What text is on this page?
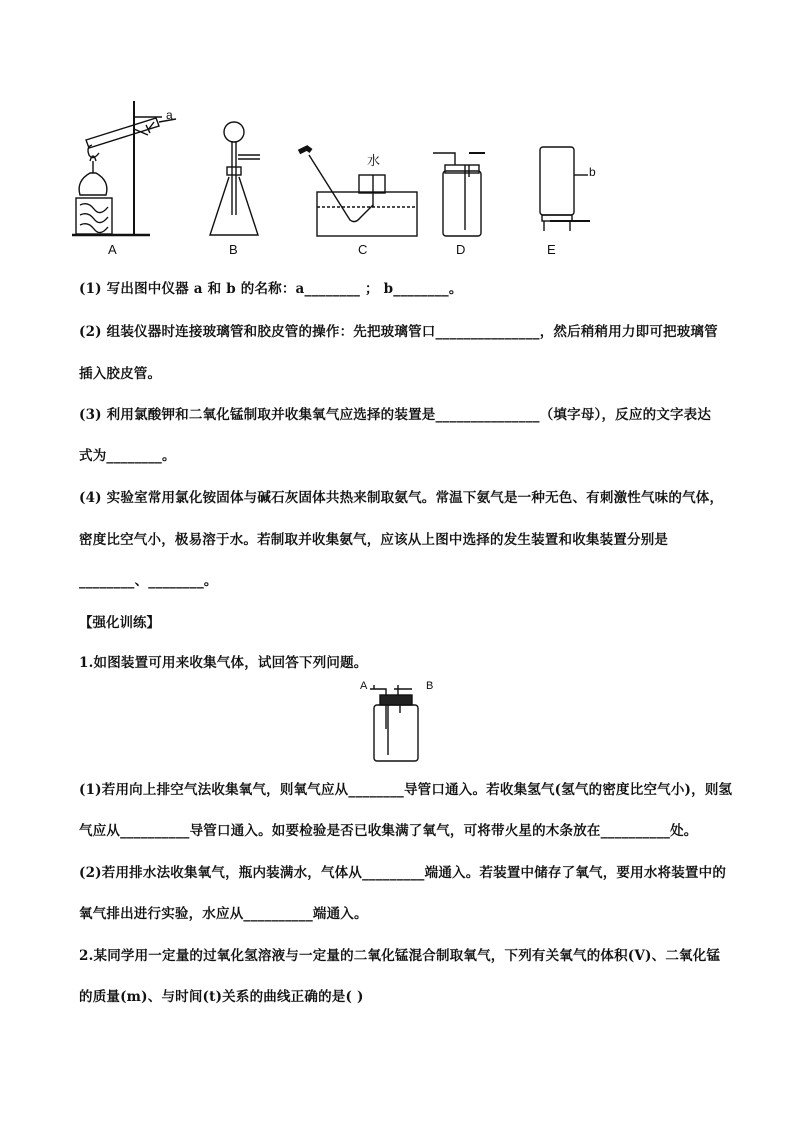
a
b
水
A	B	C	D	E
(1) 写出图中仪器 a 和 b 的名称：a________ ； b________。
(2) 组装仪器时连接玻璃管和胶皮管的操作：先把玻璃管口_______________，然后稍稍用力即可把玻璃管
插入胶皮管。
(3) 利用氯酸钾和二氧化锰制取并收集氧气应选择的装置是_______________（填字母），反应的文字表达
式为________。
(4) 实验室常用氯化铵固体与碱石灰固体共热来制取氨气。常温下氨气是一种无色、有刺激性气味的气体，
密度比空气小，极易溶于水。若制取并收集氨气，应该从上图中选择的发生装置和收集装置分别是
________、________。
【强化训练】
1.如图装置可用来收集气体，试回答下列问题。
A	B
(1)若用向上排空气法收集氧气，则氧气应从________导管口通入。若收集氢气(氢气的密度比空气小)，则氢
气应从__________导管口通入。如要检验是否已收集满了氧气，可将带火星的木条放在__________处。
(2)若用排水法收集氧气，瓶内装满水，气体从_________端通入。若装置中储存了氧气，要用水将装置中的
氧气排出进行实验，水应从__________端通入。
2.某同学用一定量的过氧化氢溶液与一定量的二氧化锰混合制取氧气，下列有关氧气的体积(V)、二氧化锰
的质量(m)、与时间(t)关系的曲线正确的是( )
